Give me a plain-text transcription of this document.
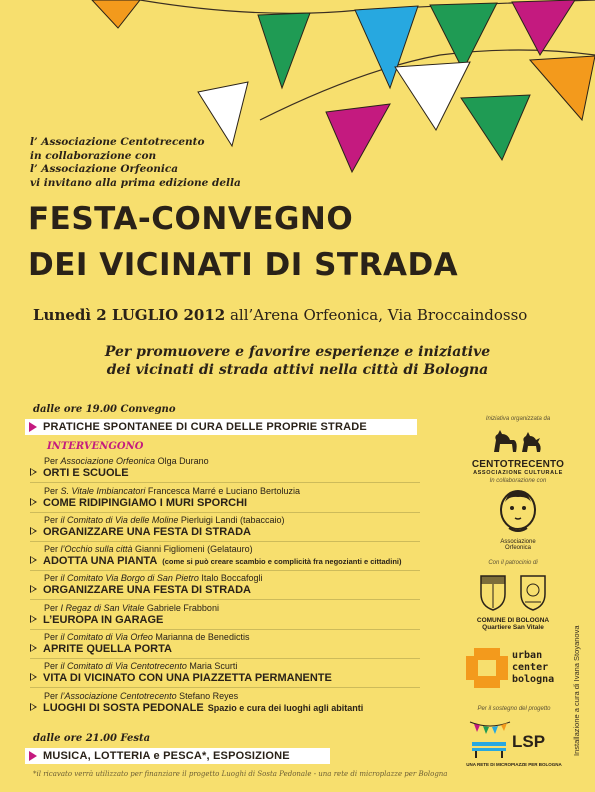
l’ Associazione Centotrecento
in collaborazione con
l’ Associazione Orfeonica
vi invitano alla prima edizione della
FESTA-CONVEGNO
DEI VICINATI DI STRADA
Lunedì 2 LUGLIO 2012 all’Arena Orfeonica, Via Broccaindosso
Per promuovere e favorire esperienze e iniziative
dei vicinati di strada attivi nella città di Bologna
dalle ore 19.00 Convegno
PRATICHE SPONTANEE DI CURA DELLE PROPRIE STRADE
INTERVENGONO
Per Associazione Orfeonica Olga Durano
ORTI E SCUOLE
Per S. Vitale Imbiancatori Francesca Marré e Luciano Bertoluzia
COME RIDIPINGIAMO I MURI SPORCHI
Per il Comitato di Via delle Moline Pierluigi Landi (tabaccaio)
ORGANIZZARE UNA FESTA DI STRADA
Per l’Occhio sulla città Gianni Figliomeni (Gelatauro)
ADOTTA UNA PIANTA (come si può creare scambio e complicità fra negozianti e cittadini)
Per il Comitato Via Borgo di San Pietro Italo Boccafogli
ORGANIZZARE UNA FESTA DI STRADA
Per I Regaz di San Vitale Gabriele Frabboni
L’EUROPA IN GARAGE
Per il Comitato di Via Orfeo Marianna de Benedictis
APRITE QUELLA PORTA
Per il Comitato di Via Centotrecento Maria Scurti
VITA DI VICINATO CON UNA PIAZZETTA PERMANENTE
Per l’Associazione Centotrecento Stefano Reyes
LUOGHI DI SOSTA PEDONALE Spazio e cura dei luoghi agli abitanti
dalle ore 21.00 Festa
MUSICA, LOTTERIA e PESCA*, ESPOSIZIONE
*il ricavato verrà utilizzato per finanziare il progetto Luoghi di Sosta Pedonale - una rete di microplazze per Bologna
Iniziativa organizzata da
CENTOTRECENTO
ASSOCIAZIONE CULTURALE
In collaborazione con
Associazione
Orfeonica
Con il patrocinio di
COMUNE DI BOLOGNA
Quartiere San Vitale
urban
center
bologna
Per il sostegno del progetto
LSP
UNA RETE DI MICROPIAZZE PER BOLOGNA
Installazione a cura di Ivana Stoyanova
